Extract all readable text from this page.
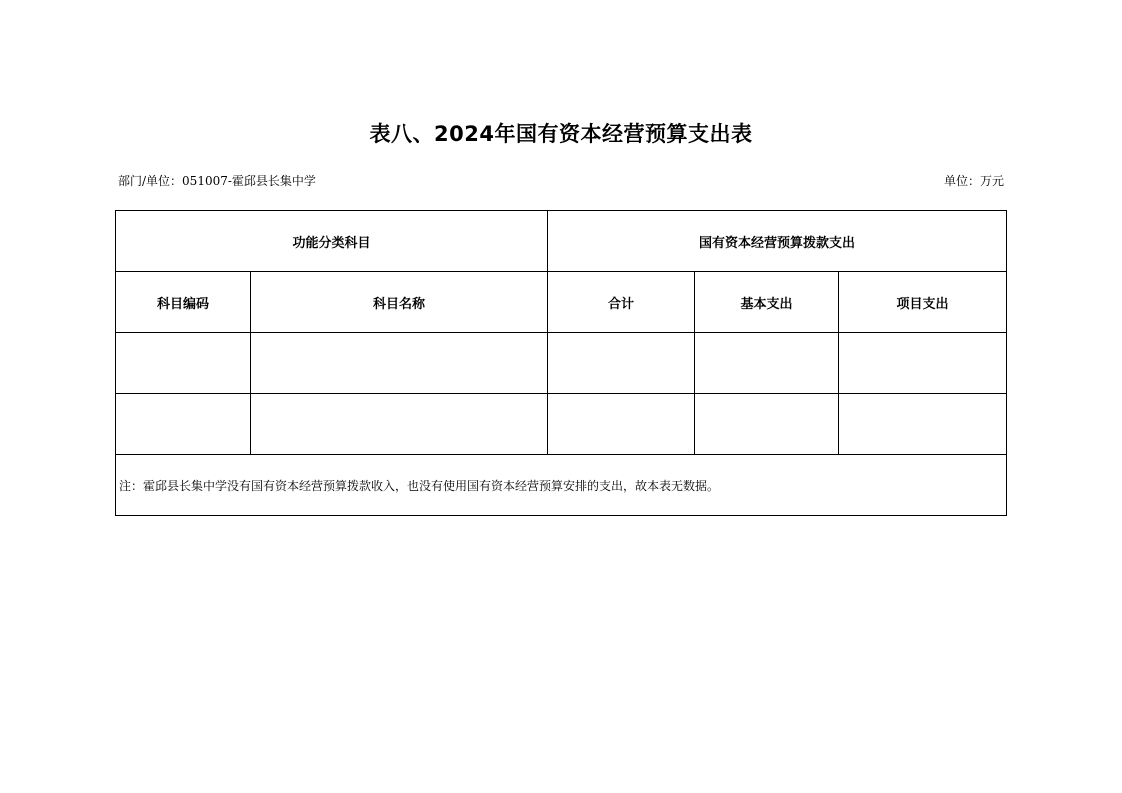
表八、2024年国有资本经营预算支出表
部门/单位：051007-霍邱县长集中学	单位：万元
功能分类科目		国有资本经营预算拨款支出		
科目编码	科目名称	合计	基本支出	项目支出

注：霍邱县长集中学没有国有资本经营预算拨款收入，也没有使用国有资本经营预算安排的支出，故本表无数据。				
